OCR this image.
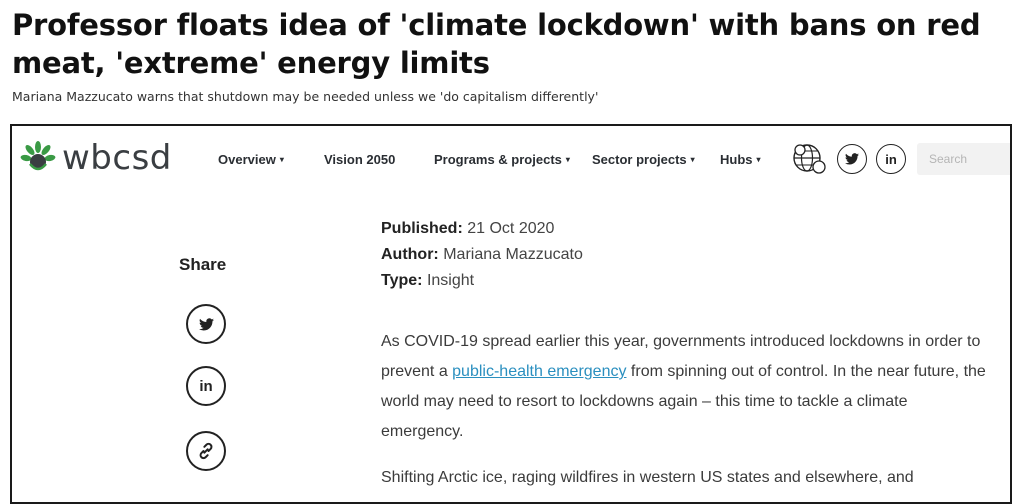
Professor floats idea of 'climate lockdown' with bans on red meat, 'extreme' energy limits
Mariana Mazzucato warns that shutdown may be needed unless we 'do capitalism differently'
wbcsd	Overview ▾	Vision 2050	Programs & projects ▾ Sector projects ▾ Hubs ▾	in
Search
Share
in
Published: 21 Oct 2020
Author: Mariana Mazzucato
Type: Insight

As COVID-19 spread earlier this year, governments introduced lockdowns in order to prevent a public-health emergency from spinning out of control. In the near future, the world may need to resort to lockdowns again – this time to tackle a climate emergency.

Shifting Arctic ice, raging wildfires in western US states and elsewhere, and
